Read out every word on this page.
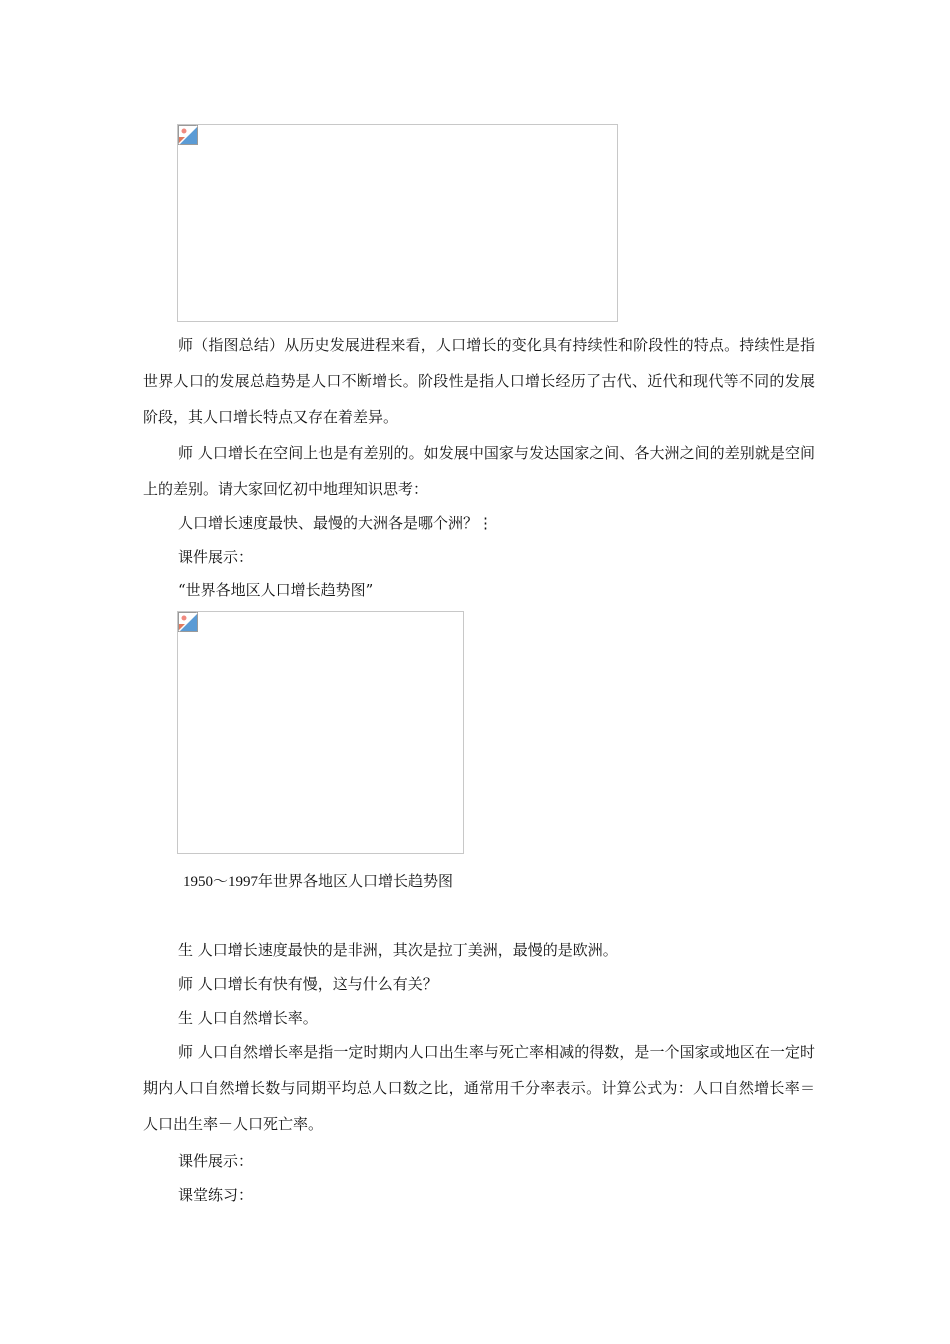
师（指图总结）从历史发展进程来看，人口增长的变化具有持续性和阶段性的特点。持续性是指世界人口的发展总趋势是人口不断增长。阶段性是指人口增长经历了古代、近代和现代等不同的发展阶段，其人口增长特点又存在着差异。

师 人口增长在空间上也是有差别的。如发展中国家与发达国家之间、各大洲之间的差别就是空间上的差别。请大家回忆初中地理知识思考：

人口增长速度最快、最慢的大洲各是哪个洲？⋮

课件展示：

“世界各地区人口增长趋势图”

1950～1997年世界各地区人口增长趋势图

生 人口增长速度最快的是非洲，其次是拉丁美洲，最慢的是欧洲。

师 人口增长有快有慢，这与什么有关？

生 人口自然增长率。

师 人口自然增长率是指一定时期内人口出生率与死亡率相减的得数，是一个国家或地区在一定时期内人口自然增长数与同期平均总人口数之比，通常用千分率表示。计算公式为：人口自然增长率＝人口出生率－人口死亡率。

课件展示：

课堂练习：
